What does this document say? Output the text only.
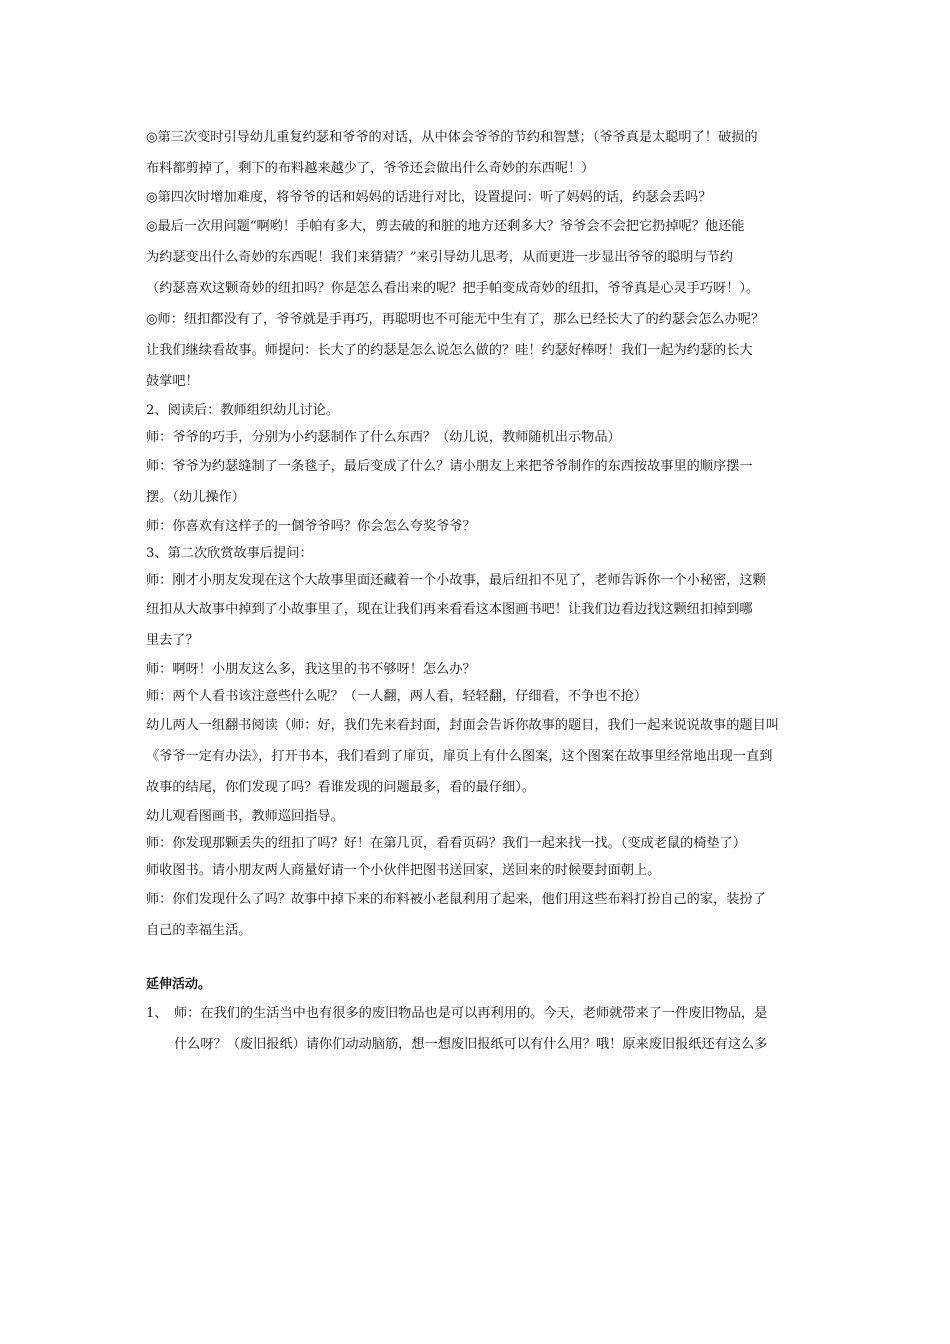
◎第三次变时引导幼儿重复约瑟和爷爷的对话，从中体会爷爷的节约和智慧；（爷爷真是太聪明了！破损的
布料都剪掉了，剩下的布料越来越少了，爷爷还会做出什么奇妙的东西呢！）
◎第四次时增加难度，将爷爷的话和妈妈的话进行对比，设置提问：听了妈妈的话，约瑟会丢吗？
◎最后一次用问题“啊哟！手帕有多大，剪去破的和脏的地方还剩多大？爷爷会不会把它扔掉呢？他还能
为约瑟变出什么奇妙的东西呢！我们来猜猜？”来引导幼儿思考，从而更进一步显出爷爷的聪明与节约
（约瑟喜欢这颗奇妙的纽扣吗？你是怎么看出来的呢？把手帕变成奇妙的纽扣，爷爷真是心灵手巧呀！）。
◎师：纽扣都没有了，爷爷就是手再巧，再聪明也不可能无中生有了，那么已经长大了的约瑟会怎么办呢？
让我们继续看故事。师提问：长大了的约瑟是怎么说怎么做的？哇！约瑟好棒呀！我们一起为约瑟的长大
鼓掌吧！
2、阅读后：教师组织幼儿讨论。
师：爷爷的巧手，分别为小约瑟制作了什么东西？（幼儿说，教师随机出示物品）
师：爷爷为约瑟缝制了一条毯子，最后变成了什么？请小朋友上来把爷爷制作的东西按故事里的顺序摆一
摆。（幼儿操作）
师：你喜欢有这样子的一個爷爷吗？你会怎么夸奖爷爷？
3、第二次欣赏故事后提问：
师：刚才小朋友发现在这个大故事里面还藏着一个小故事，最后纽扣不见了，老师告诉你一个小秘密，这颗
纽扣从大故事中掉到了小故事里了，现在让我们再来看看这本图画书吧！让我们边看边找这颗纽扣掉到哪
里去了？
师：啊呀！小朋友这么多，我这里的书不够呀！怎么办？
师：两个人看书该注意些什么呢？（一人翻，两人看，轻轻翻，仔细看，不争也不抢）
幼儿两人一组翻书阅读（师：好，我们先来看封面，封面会告诉你故事的题目，我们一起来说说故事的题目叫
《爷爷一定有办法》，打开书本，我们看到了扉页，扉页上有什么图案，这个图案在故事里经常地出现一直到
故事的结尾，你们发现了吗？看谁发现的问题最多，看的最仔细）。
幼儿观看图画书，教师巡回指导。
师：你发现那颗丢失的纽扣了吗？好！在第几页，看看页码？我们一起来找一找。（变成老鼠的椅垫了）
师收图书。请小朋友两人商量好请一个小伙伴把图书送回家，送回来的时候要封面朝上。
师：你们发现什么了吗？故事中掉下来的布料被小老鼠利用了起来，他们用这些布料打扮自己的家，装扮了
自己的幸福生活。
延伸活动。
1、 师：在我们的生活当中也有很多的废旧物品也是可以再利用的。今天，老师就带来了一件废旧物品，是
什么呀？（废旧报纸）请你们动动脑筋，想一想废旧报纸可以有什么用？哦！原来废旧报纸还有这么多
